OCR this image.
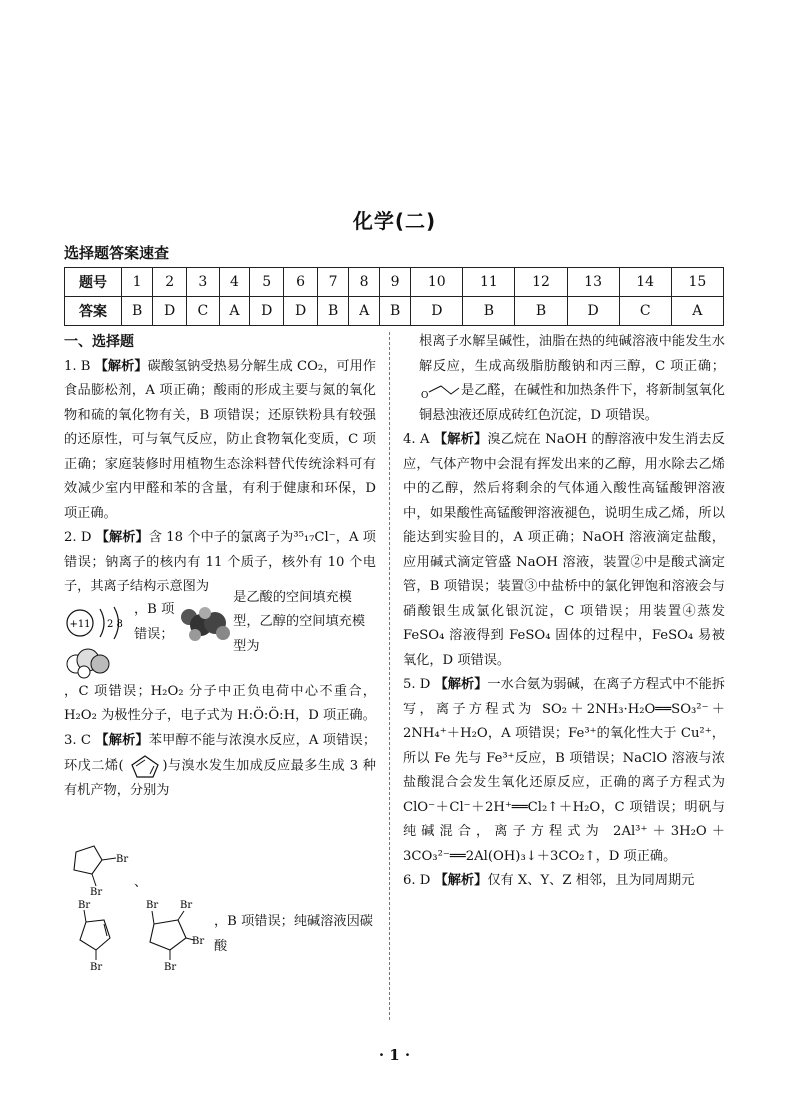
化学(二)
选择题答案速查
题号	1	2	3	4	5	6	7	8	9	10	11	12	13	14	15
答案	B	D	C	A	D	D	B	A	B	D	B	B	D	C	A
一、选择题

1. B 【解析】碳酸氢钠受热易分解生成 CO₂，可用作食品膨松剂，A 项正确；酸雨的形成主要与氮的氧化物和硫的氧化物有关，B 项错误；还原铁粉具有较强的还原性，可与氧气反应，防止食物氧化变质，C 项正确；家庭装修时用植物生态涂料替代传统涂料可有效减少室内甲醛和苯的含量，有利于健康和环保，D 项正确。

2. D 【解析】含 18 个中子的氯离子为³⁵₁₇Cl⁻，A 项错误；钠离子的核内有 11 个质子，核外有 10 个电子，其离子结构示意图为

+11 2 8
，B 项错误；
是乙酸的空间填充模型，乙醇的空间填充模型为

，C 项错误；H₂O₂ 分子中正负电荷中心不重合，H₂O₂ 为极性分子，电子式为 H:Ö:Ö:H，D 项正确。

3. C 【解析】苯甲醇不能与浓溴水反应，A 项错误；环戊二烯(	)与溴水发生加成反应最多生成 3 种有机产物，分别为

Br
Br
、
Br
Br
Br Br
Br
Br
，B 项错误；纯碱溶液因碳酸

根离子水解呈碱性，油脂在热的纯碱溶液中能发生水解反应，生成高级脂肪酸钠和丙三醇，C 项正确；
O 是乙醛，在碱性和加热条件下，将新制氢氧化铜悬浊液还原成砖红色沉淀，D 项错误。

4. A 【解析】溴乙烷在 NaOH 的醇溶液中发生消去反应，气体产物中会混有挥发出来的乙醇，用水除去乙烯中的乙醇，然后将剩余的气体通入酸性高锰酸钾溶液中，如果酸性高锰酸钾溶液褪色，说明生成乙烯，所以能达到实验目的，A 项正确；NaOH 溶液滴定盐酸，应用碱式滴定管盛 NaOH 溶液，装置②中是酸式滴定管，B 项错误；装置③中盐桥中的氯化钾饱和溶液会与硝酸银生成氯化银沉淀，C 项错误；用装置④蒸发 FeSO₄ 溶液得到 FeSO₄ 固体的过程中，FeSO₄ 易被氧化，D 项错误。

5. D 【解析】一水合氨为弱碱，在离子方程式中不能拆写，离子方程式为 SO₂＋2NH₃·H₂O══SO₃²⁻＋2NH₄⁺＋H₂O，A 项错误；Fe³⁺的氧化性大于 Cu²⁺，所以 Fe 先与 Fe³⁺反应，B 项错误；NaClO 溶液与浓盐酸混合会发生氧化还原反应，正确的离子方程式为 ClO⁻＋Cl⁻＋2H⁺══Cl₂↑＋H₂O，C 项错误；明矾与纯碱混合，离子方程式为 2Al³⁺＋3H₂O＋3CO₃²⁻══2Al(OH)₃↓＋3CO₂↑，D 项正确。

6. D 【解析】仅有 X、Y、Z 相邻，且为同周期元

· 1 ·
